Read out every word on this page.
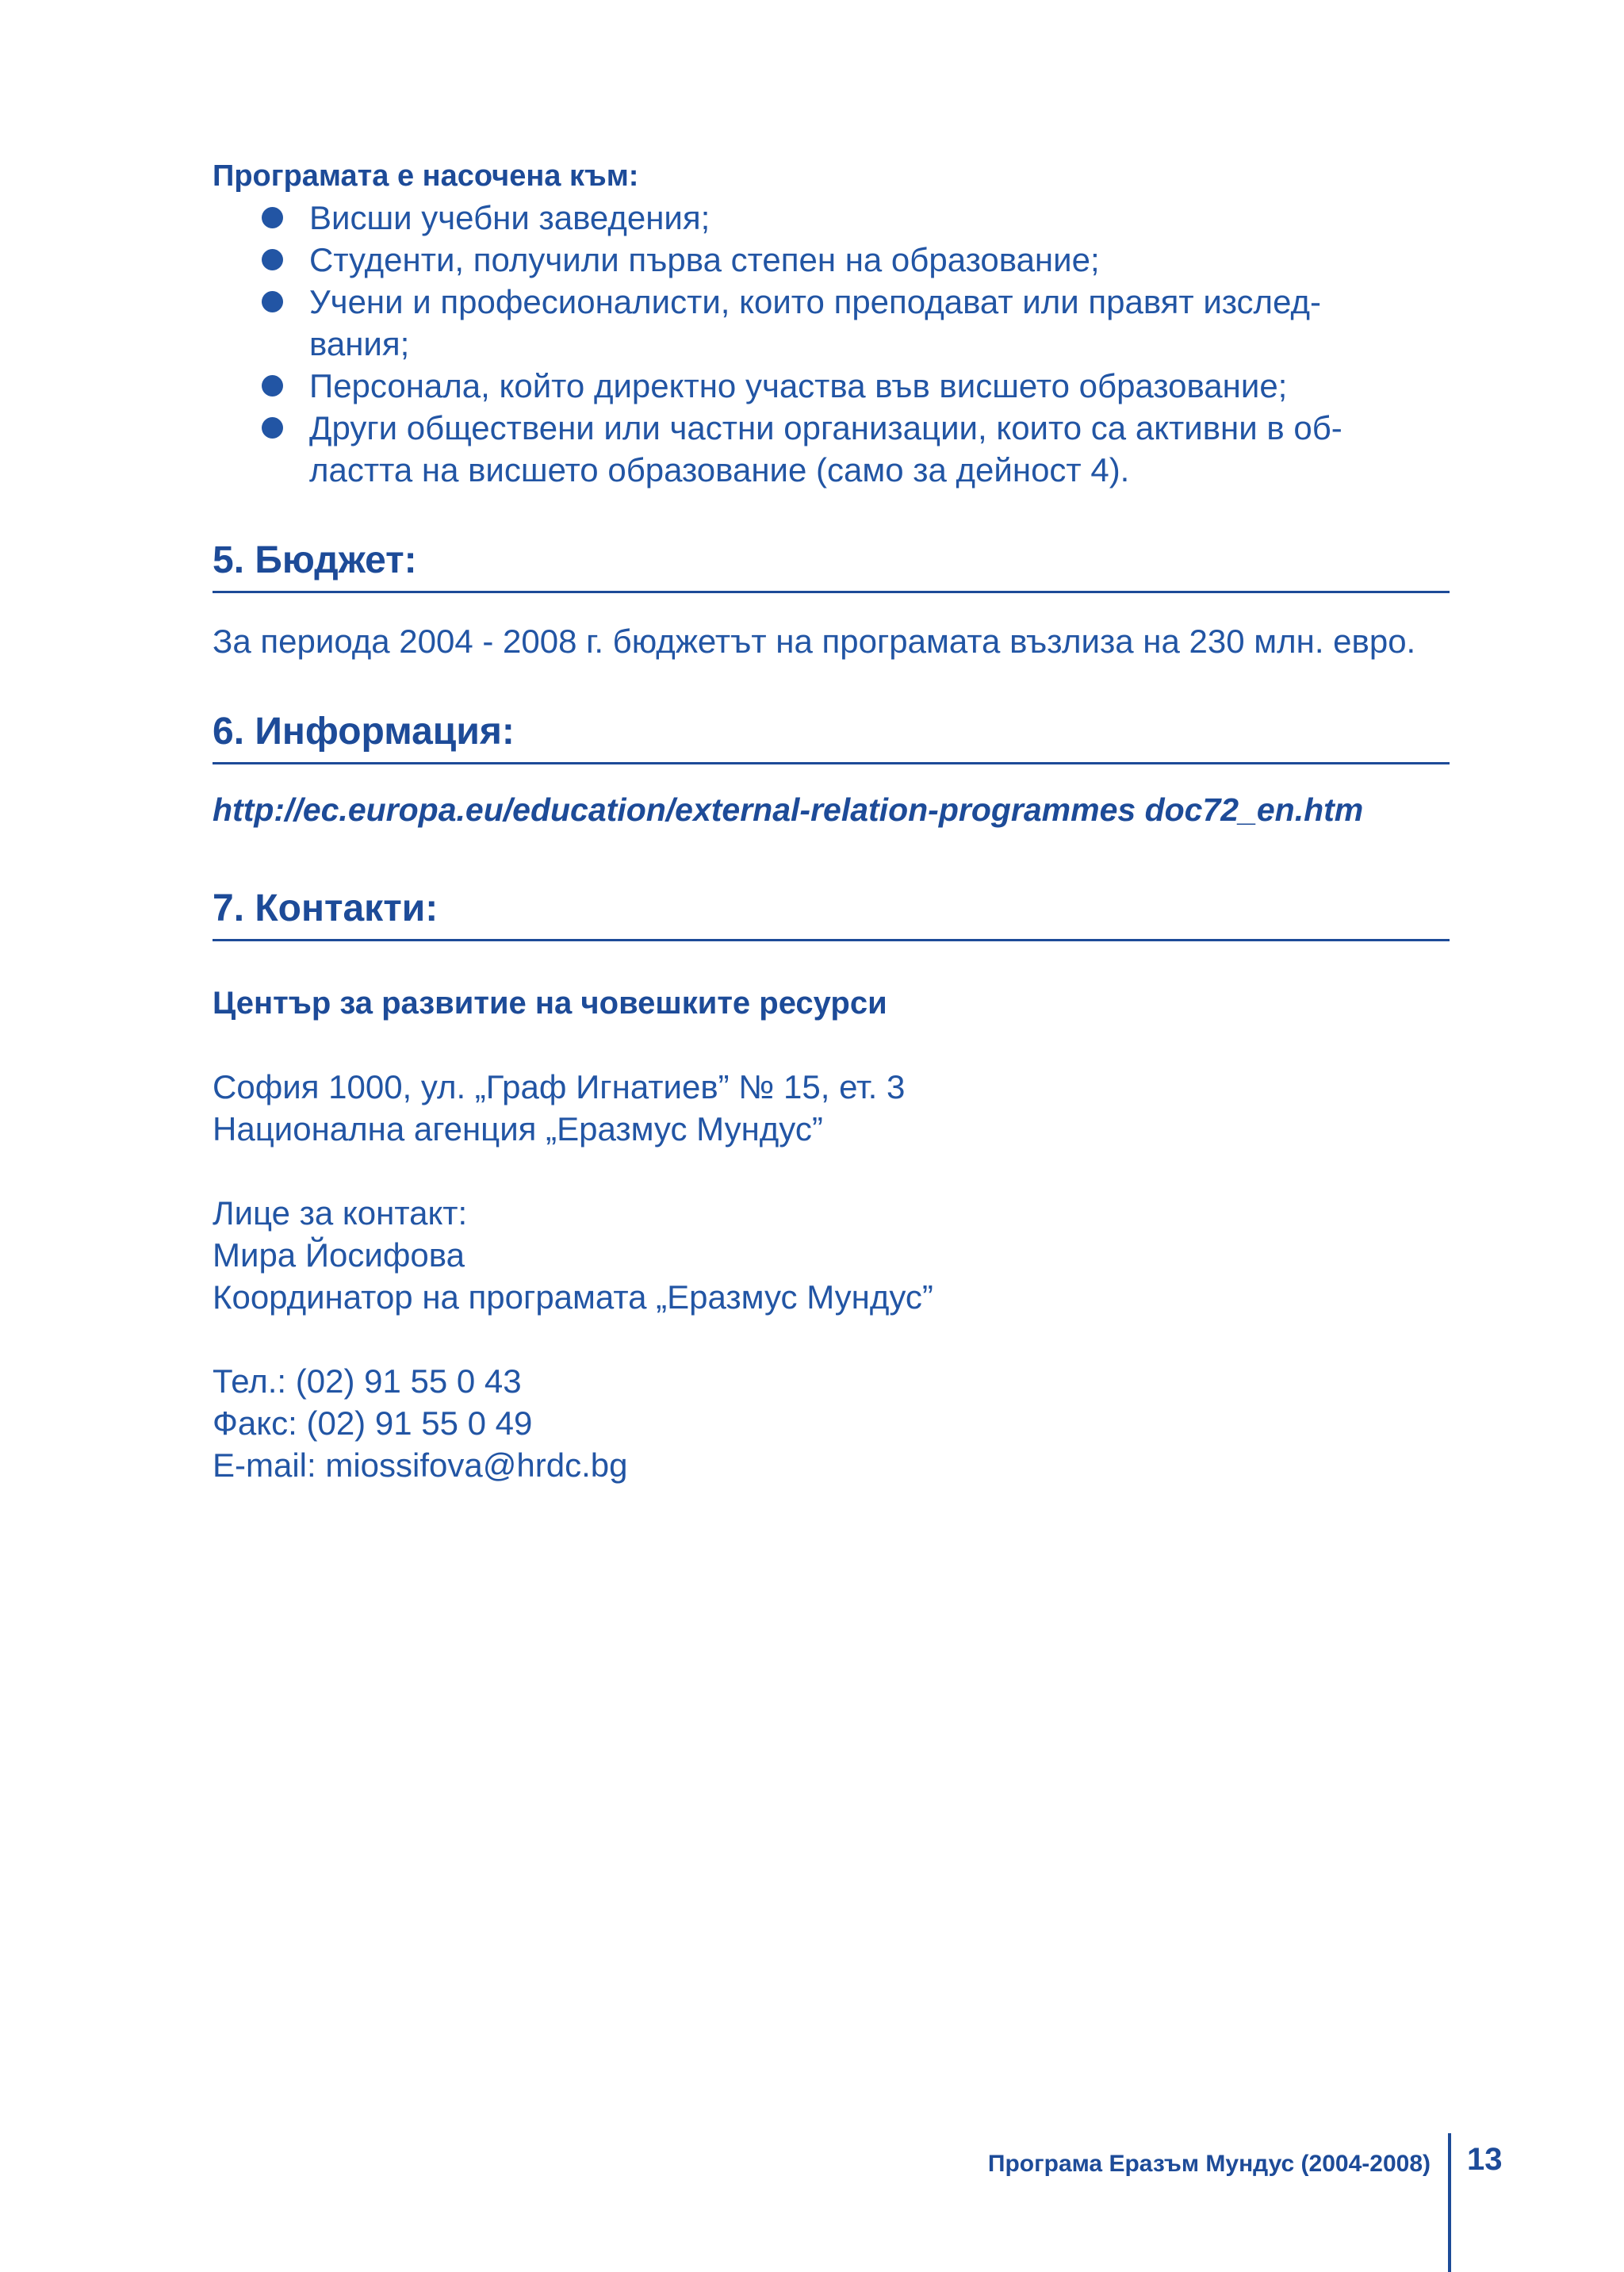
Програмата е насочена към:

Висши учебни заведения;
Студенти, получили първа степен на образование;
Учени и професионалисти, които преподават или правят изслед-
вания;
Персонала, който директно участва във висшето образование;
Други обществени или частни организации, които са активни в об-
ластта на висшето образование (само за дейност 4).
5. Бюджет:

За периода 2004 - 2008 г. бюджетът на програмата възлиза на 230 млн. евро.

6. Информация:

http://ec.europa.eu/education/external-relation-programmes doc72_en.htm

7. Контакти:

Център за развитие на човешките ресурси

София 1000, ул. „Граф Игнатиев” № 15, ет. 3

Национална агенция „Еразмус Мундус”

Лице за контакт:

Мира Йосифова

Координатор на програмата „Еразмус Мундус”

Тел.: (02) 91 55 0 43

Факс: (02) 91 55 0 49

E-mail: miossifova@hrdc.bg

Програма Еразъм Мундус (2004-2008) 13
